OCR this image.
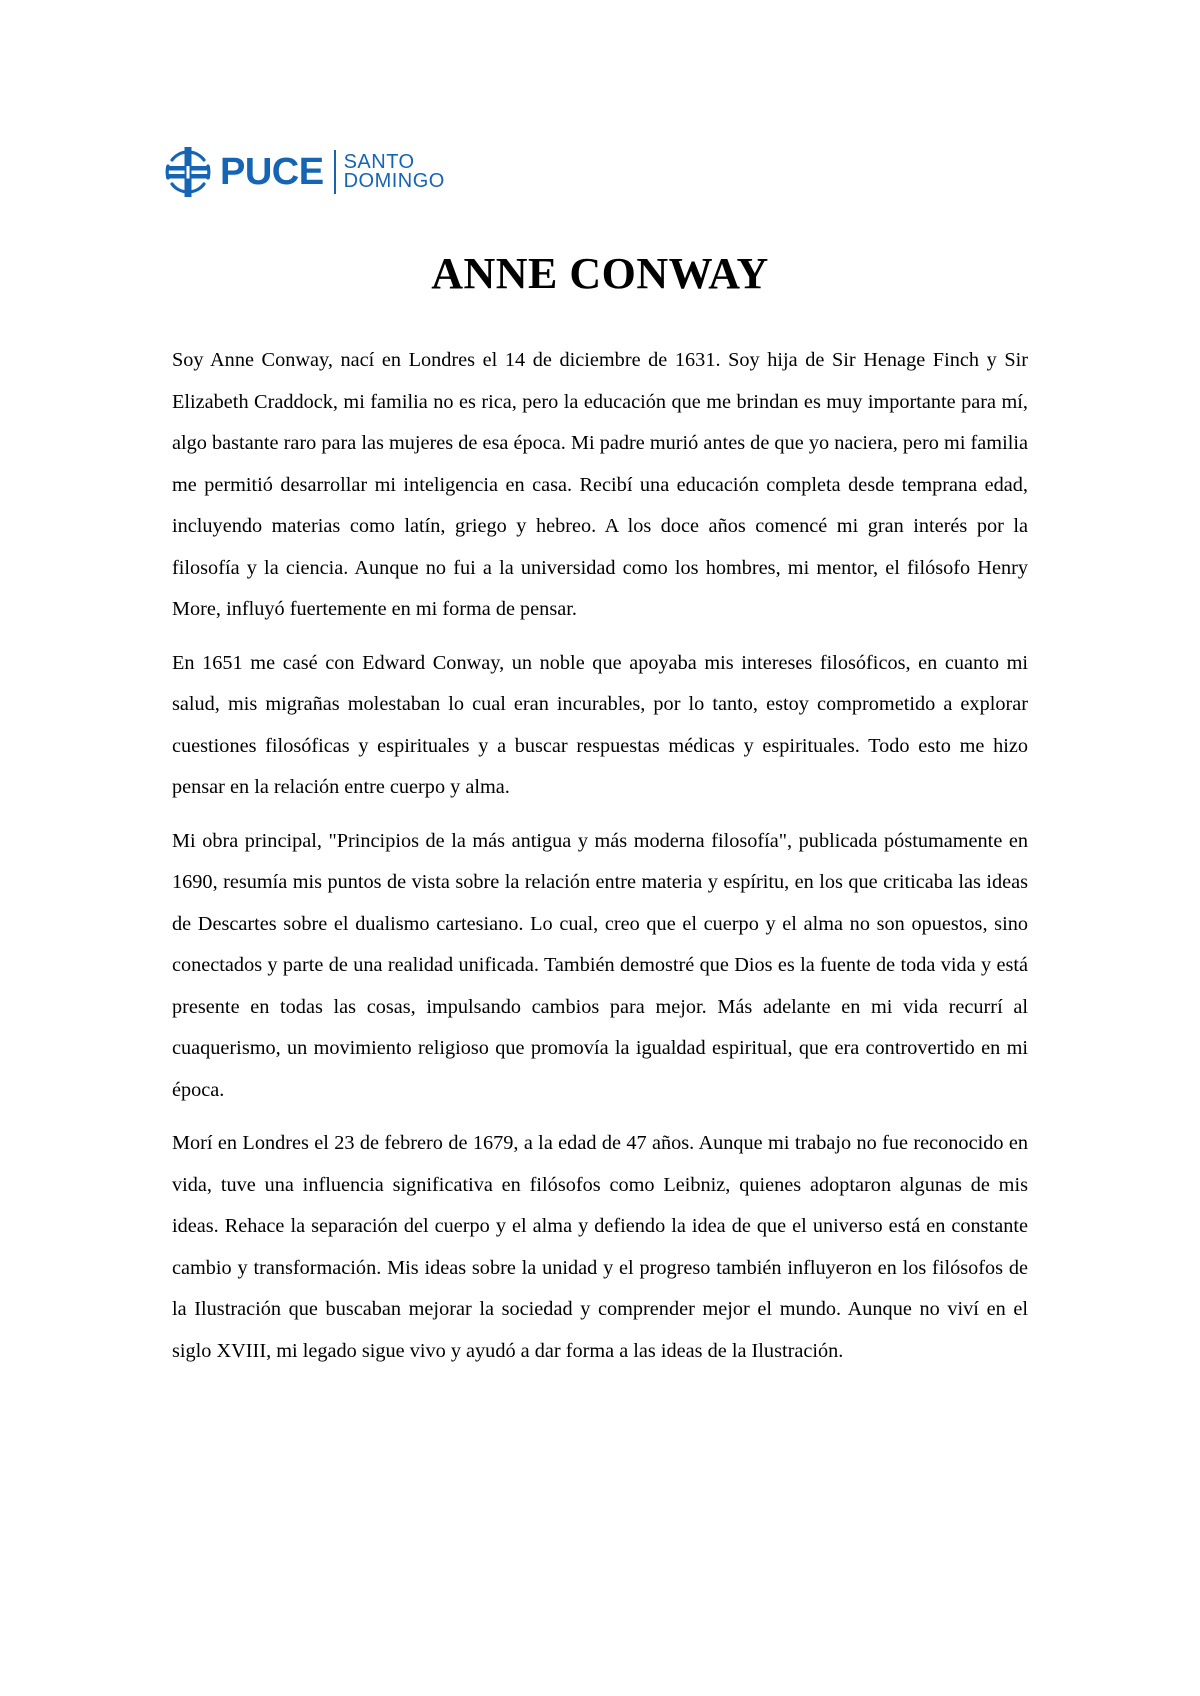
PUCE SANTO
DOMINGO
ANNE CONWAY

Soy Anne Conway, nací en Londres el 14 de diciembre de 1631. Soy hija de Sir Henage Finch y Sir Elizabeth Craddock, mi familia no es rica, pero la educación que me brindan es muy importante para mí, algo bastante raro para las mujeres de esa época. Mi padre murió antes de que yo naciera, pero mi familia me permitió desarrollar mi inteligencia en casa. Recibí una educación completa desde temprana edad, incluyendo materias como latín, griego y hebreo. A los doce años comencé mi gran interés por la filosofía y la ciencia. Aunque no fui a la universidad como los hombres, mi mentor, el filósofo Henry More, influyó fuertemente en mi forma de pensar.

En 1651 me casé con Edward Conway, un noble que apoyaba mis intereses filosóficos, en cuanto mi salud, mis migrañas molestaban lo cual eran incurables, por lo tanto, estoy comprometido a explorar cuestiones filosóficas y espirituales y a buscar respuestas médicas y espirituales. Todo esto me hizo pensar en la relación entre cuerpo y alma.

Mi obra principal, "Principios de la más antigua y más moderna filosofía", publicada póstumamente en 1690, resumía mis puntos de vista sobre la relación entre materia y espíritu, en los que criticaba las ideas de Descartes sobre el dualismo cartesiano. Lo cual, creo que el cuerpo y el alma no son opuestos, sino conectados y parte de una realidad unificada. También demostré que Dios es la fuente de toda vida y está presente en todas las cosas, impulsando cambios para mejor. Más adelante en mi vida recurrí al cuaquerismo, un movimiento religioso que promovía la igualdad espiritual, que era controvertido en mi época.

Morí en Londres el 23 de febrero de 1679, a la edad de 47 años. Aunque mi trabajo no fue reconocido en vida, tuve una influencia significativa en filósofos como Leibniz, quienes adoptaron algunas de mis ideas. Rehace la separación del cuerpo y el alma y defiendo la idea de que el universo está en constante cambio y transformación. Mis ideas sobre la unidad y el progreso también influyeron en los filósofos de la Ilustración que buscaban mejorar la sociedad y comprender mejor el mundo. Aunque no viví en el siglo XVIII, mi legado sigue vivo y ayudó a dar forma a las ideas de la Ilustración.
